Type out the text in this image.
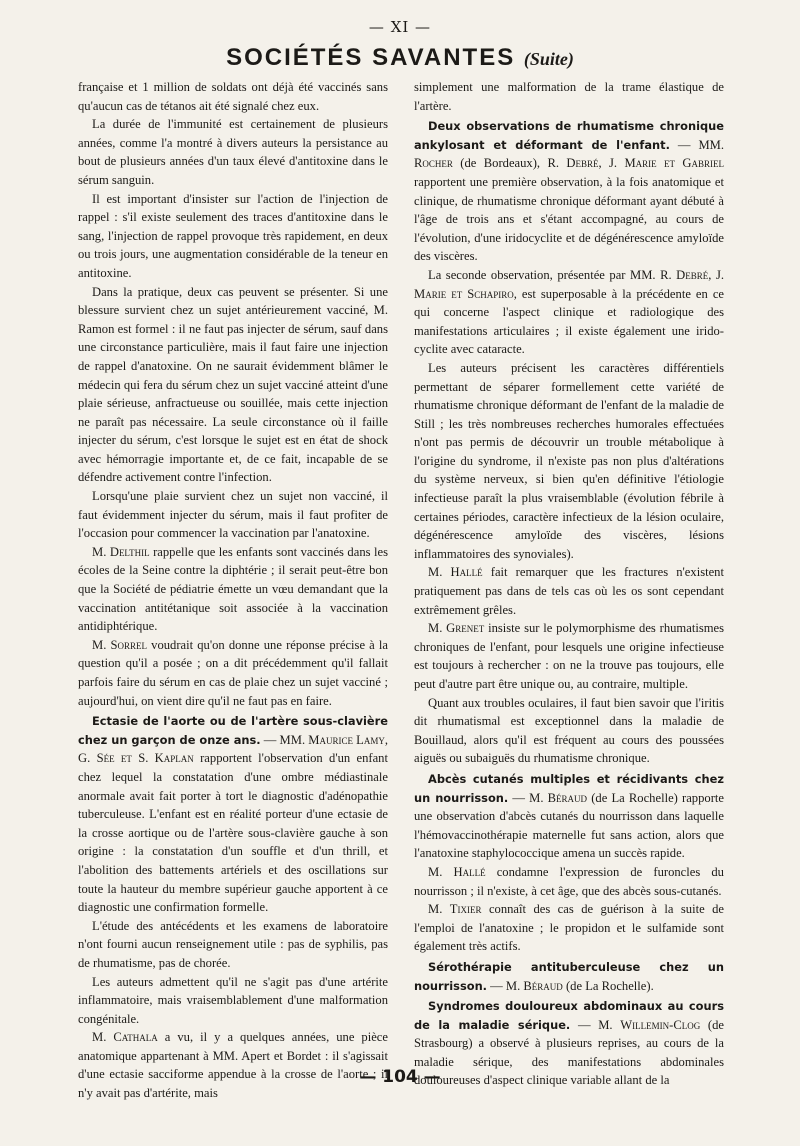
— XI —
SOCIÉTÉS SAVANTES (Suite)

française et 1 million de soldats ont déjà été vaccinés sans qu'aucun cas de tétanos ait été signalé chez eux.

La durée de l'immunité est certainement de plusieurs années, comme l'a montré à divers auteurs la persistance au bout de plusieurs années d'un taux élevé d'antitoxine dans le sérum sanguin.

Il est important d'insister sur l'action de l'injection de rappel : s'il existe seulement des traces d'antitoxine dans le sang, l'injection de rappel provoque très rapidement, en deux ou trois jours, une augmentation considérable de la teneur en antitoxine.

Dans la pratique, deux cas peuvent se présenter. Si une blessure survient chez un sujet antérieurement vacciné, M. Ramon est formel : il ne faut pas injecter de sérum, sauf dans une circonstance particulière, mais il faut faire une injection de rappel d'anatoxine. On ne saurait évidemment blâmer le médecin qui fera du sérum chez un sujet vacciné atteint d'une plaie sérieuse, anfractueuse ou souillée, mais cette injection ne paraît pas nécessaire. La seule circonstance où il faille injecter du sérum, c'est lorsque le sujet est en état de shock avec hémorragie importante et, de ce fait, incapable de se défendre activement contre l'infection.

Lorsqu'une plaie survient chez un sujet non vacciné, il faut évidemment injecter du sérum, mais il faut profiter de l'occasion pour commencer la vaccination par l'anatoxine.

M. Delthil rappelle que les enfants sont vaccinés dans les écoles de la Seine contre la diphtérie ; il serait peut-être bon que la Société de pédiatrie émette un vœu demandant que la vaccination antitétanique soit associée à la vaccination antidiphtérique.

M. Sorrel voudrait qu'on donne une réponse précise à la question qu'il a posée ; on a dit précédemment qu'il fallait parfois faire du sérum en cas de plaie chez un sujet vacciné ; aujourd'hui, on vient dire qu'il ne faut pas en faire.

Ectasie de l'aorte ou de l'artère sous-clavière chez un garçon de onze ans. — MM. Maurice Lamy, G. Sée et S. Kaplan rapportent l'observation d'un enfant chez lequel la constatation d'une ombre médiastinale anormale avait fait porter à tort le diagnostic d'adénopathie tuberculeuse. L'enfant est en réalité porteur d'une ectasie de la crosse aortique ou de l'artère sous-clavière gauche à son origine : la constatation d'un souffle et d'un thrill, et l'abolition des battements artériels et des oscillations sur toute la hauteur du membre supérieur gauche apportent à ce diagnostic une confirmation formelle.

L'étude des antécédents et les examens de laboratoire n'ont fourni aucun renseignement utile : pas de syphilis, pas de rhumatisme, pas de chorée.

Les auteurs admettent qu'il ne s'agit pas d'une artérite inflammatoire, mais vraisemblablement d'une malformation congénitale.

M. Cathala a vu, il y a quelques années, une pièce anatomique appartenant à MM. Apert et Bordet : il s'agissait d'une ectasie sacciforme appendue à la crosse de l'aorte ; il n'y avait pas d'artérite, mais

simplement une malformation de la trame élastique de l'artère.

Deux observations de rhumatisme chronique ankylosant et déformant de l'enfant. — MM. Rocher (de Bordeaux), R. Debré, J. Marie et Gabriel rapportent une première observation, à la fois anatomique et clinique, de rhumatisme chronique déformant ayant débuté à l'âge de trois ans et s'étant accompagné, au cours de l'évolution, d'une iridocyclite et de dégénérescence amyloïde des viscères.

La seconde observation, présentée par MM. R. Debré, J. Marie et Schapiro, est superposable à la précédente en ce qui concerne l'aspect clinique et radiologique des manifestations articulaires ; il existe également une irido-cyclite avec cataracte.

Les auteurs précisent les caractères différentiels permettant de séparer formellement cette variété de rhumatisme chronique déformant de l'enfant de la maladie de Still ; les très nombreuses recherches humorales effectuées n'ont pas permis de découvrir un trouble métabolique à l'origine du syndrome, il n'existe pas non plus d'altérations du système nerveux, si bien qu'en définitive l'étiologie infectieuse paraît la plus vraisemblable (évolution fébrile à certaines périodes, caractère infectieux de la lésion oculaire, dégénérescence amyloïde des viscères, lésions inflammatoires des synoviales).

M. Hallé fait remarquer que les fractures n'existent pratiquement pas dans de tels cas où les os sont cependant extrêmement grêles.

M. Grenet insiste sur le polymorphisme des rhumatismes chroniques de l'enfant, pour lesquels une origine infectieuse est toujours à rechercher : on ne la trouve pas toujours, elle peut d'autre part être unique ou, au contraire, multiple.

Quant aux troubles oculaires, il faut bien savoir que l'iritis dit rhumatismal est exceptionnel dans la maladie de Bouillaud, alors qu'il est fréquent au cours des poussées aiguës ou subaiguës du rhumatisme chronique.

Abcès cutanés multiples et récidivants chez un nourrisson. — M. Béraud (de La Rochelle) rapporte une observation d'abcès cutanés du nourrisson dans laquelle l'hémovaccinothérapie maternelle fut sans action, alors que l'anatoxine staphylococcique amena un succès rapide.

M. Hallé condamne l'expression de furoncles du nourrisson ; il n'existe, à cet âge, que des abcès sous-cutanés.

M. Tixier connaît des cas de guérison à la suite de l'emploi de l'anatoxine ; le propidon et le sulfamide sont également très actifs.

Sérothérapie antituberculeuse chez un nourrisson. — M. Béraud (de La Rochelle).

Syndromes douloureux abdominaux au cours de la maladie sérique. — M. Willemin-Clog (de Strasbourg) a observé à plusieurs reprises, au cours de la maladie sérique, des manifestations abdominales douloureuses d'aspect clinique variable allant de la

— 104 —
